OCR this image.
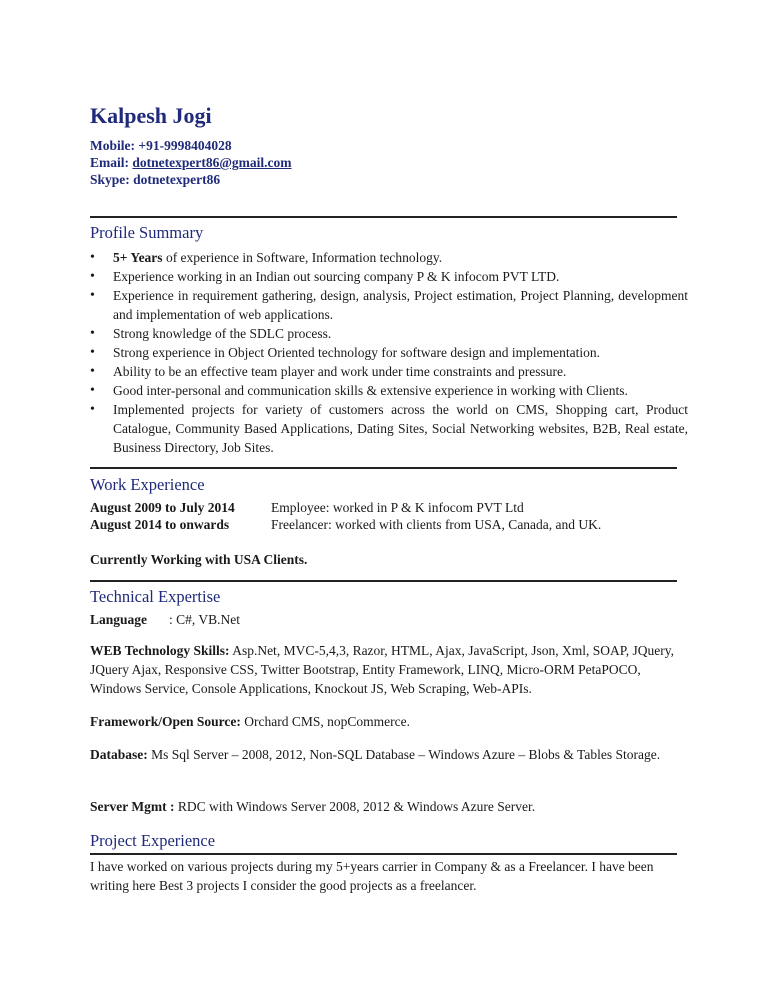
Kalpesh Jogi
Mobile: +91-9998404028
Email: dotnetexpert86@gmail.com
Skype: dotnetexpert86
Profile Summary
• 5+ Years of experience in Software, Information technology.
• Experience working in an Indian out sourcing company P & K infocom PVT LTD.
• Experience in requirement gathering, design, analysis, Project estimation, Project Planning, development and implementation of web applications.
• Strong knowledge of the SDLC process.
• Strong experience in Object Oriented technology for software design and implementation.
• Ability to be an effective team player and work under time constraints and pressure.
• Good inter-personal and communication skills & extensive experience in working with Clients.
• Implemented projects for variety of customers across the world on CMS, Shopping cart, Product Catalogue, Community Based Applications, Dating Sites, Social Networking websites, B2B, Real estate, Business Directory, Job Sites.
Work Experience
August 2009 to July 2014	Employee: worked in P & K infocom PVT Ltd
August 2014 to onwards	Freelancer: worked with clients from USA, Canada, and UK.
Currently Working with USA Clients.
Technical Expertise
Language : C#, VB.Net
WEB Technology Skills: Asp.Net, MVC-5,4,3, Razor, HTML, Ajax, JavaScript, Json, Xml, SOAP, JQuery, JQuery Ajax, Responsive CSS, Twitter Bootstrap, Entity Framework, LINQ, Micro-ORM PetaPOCO, Windows Service, Console Applications, Knockout JS, Web Scraping, Web-APIs.
Framework/Open Source: Orchard CMS, nopCommerce.
Database: Ms Sql Server – 2008, 2012, Non-SQL Database – Windows Azure – Blobs & Tables Storage.
Server Mgmt : RDC with Windows Server 2008, 2012 & Windows Azure Server.
Project Experience
I have worked on various projects during my 5+years carrier in Company & as a Freelancer. I have been writing here Best 3 projects I consider the good projects as a freelancer.
